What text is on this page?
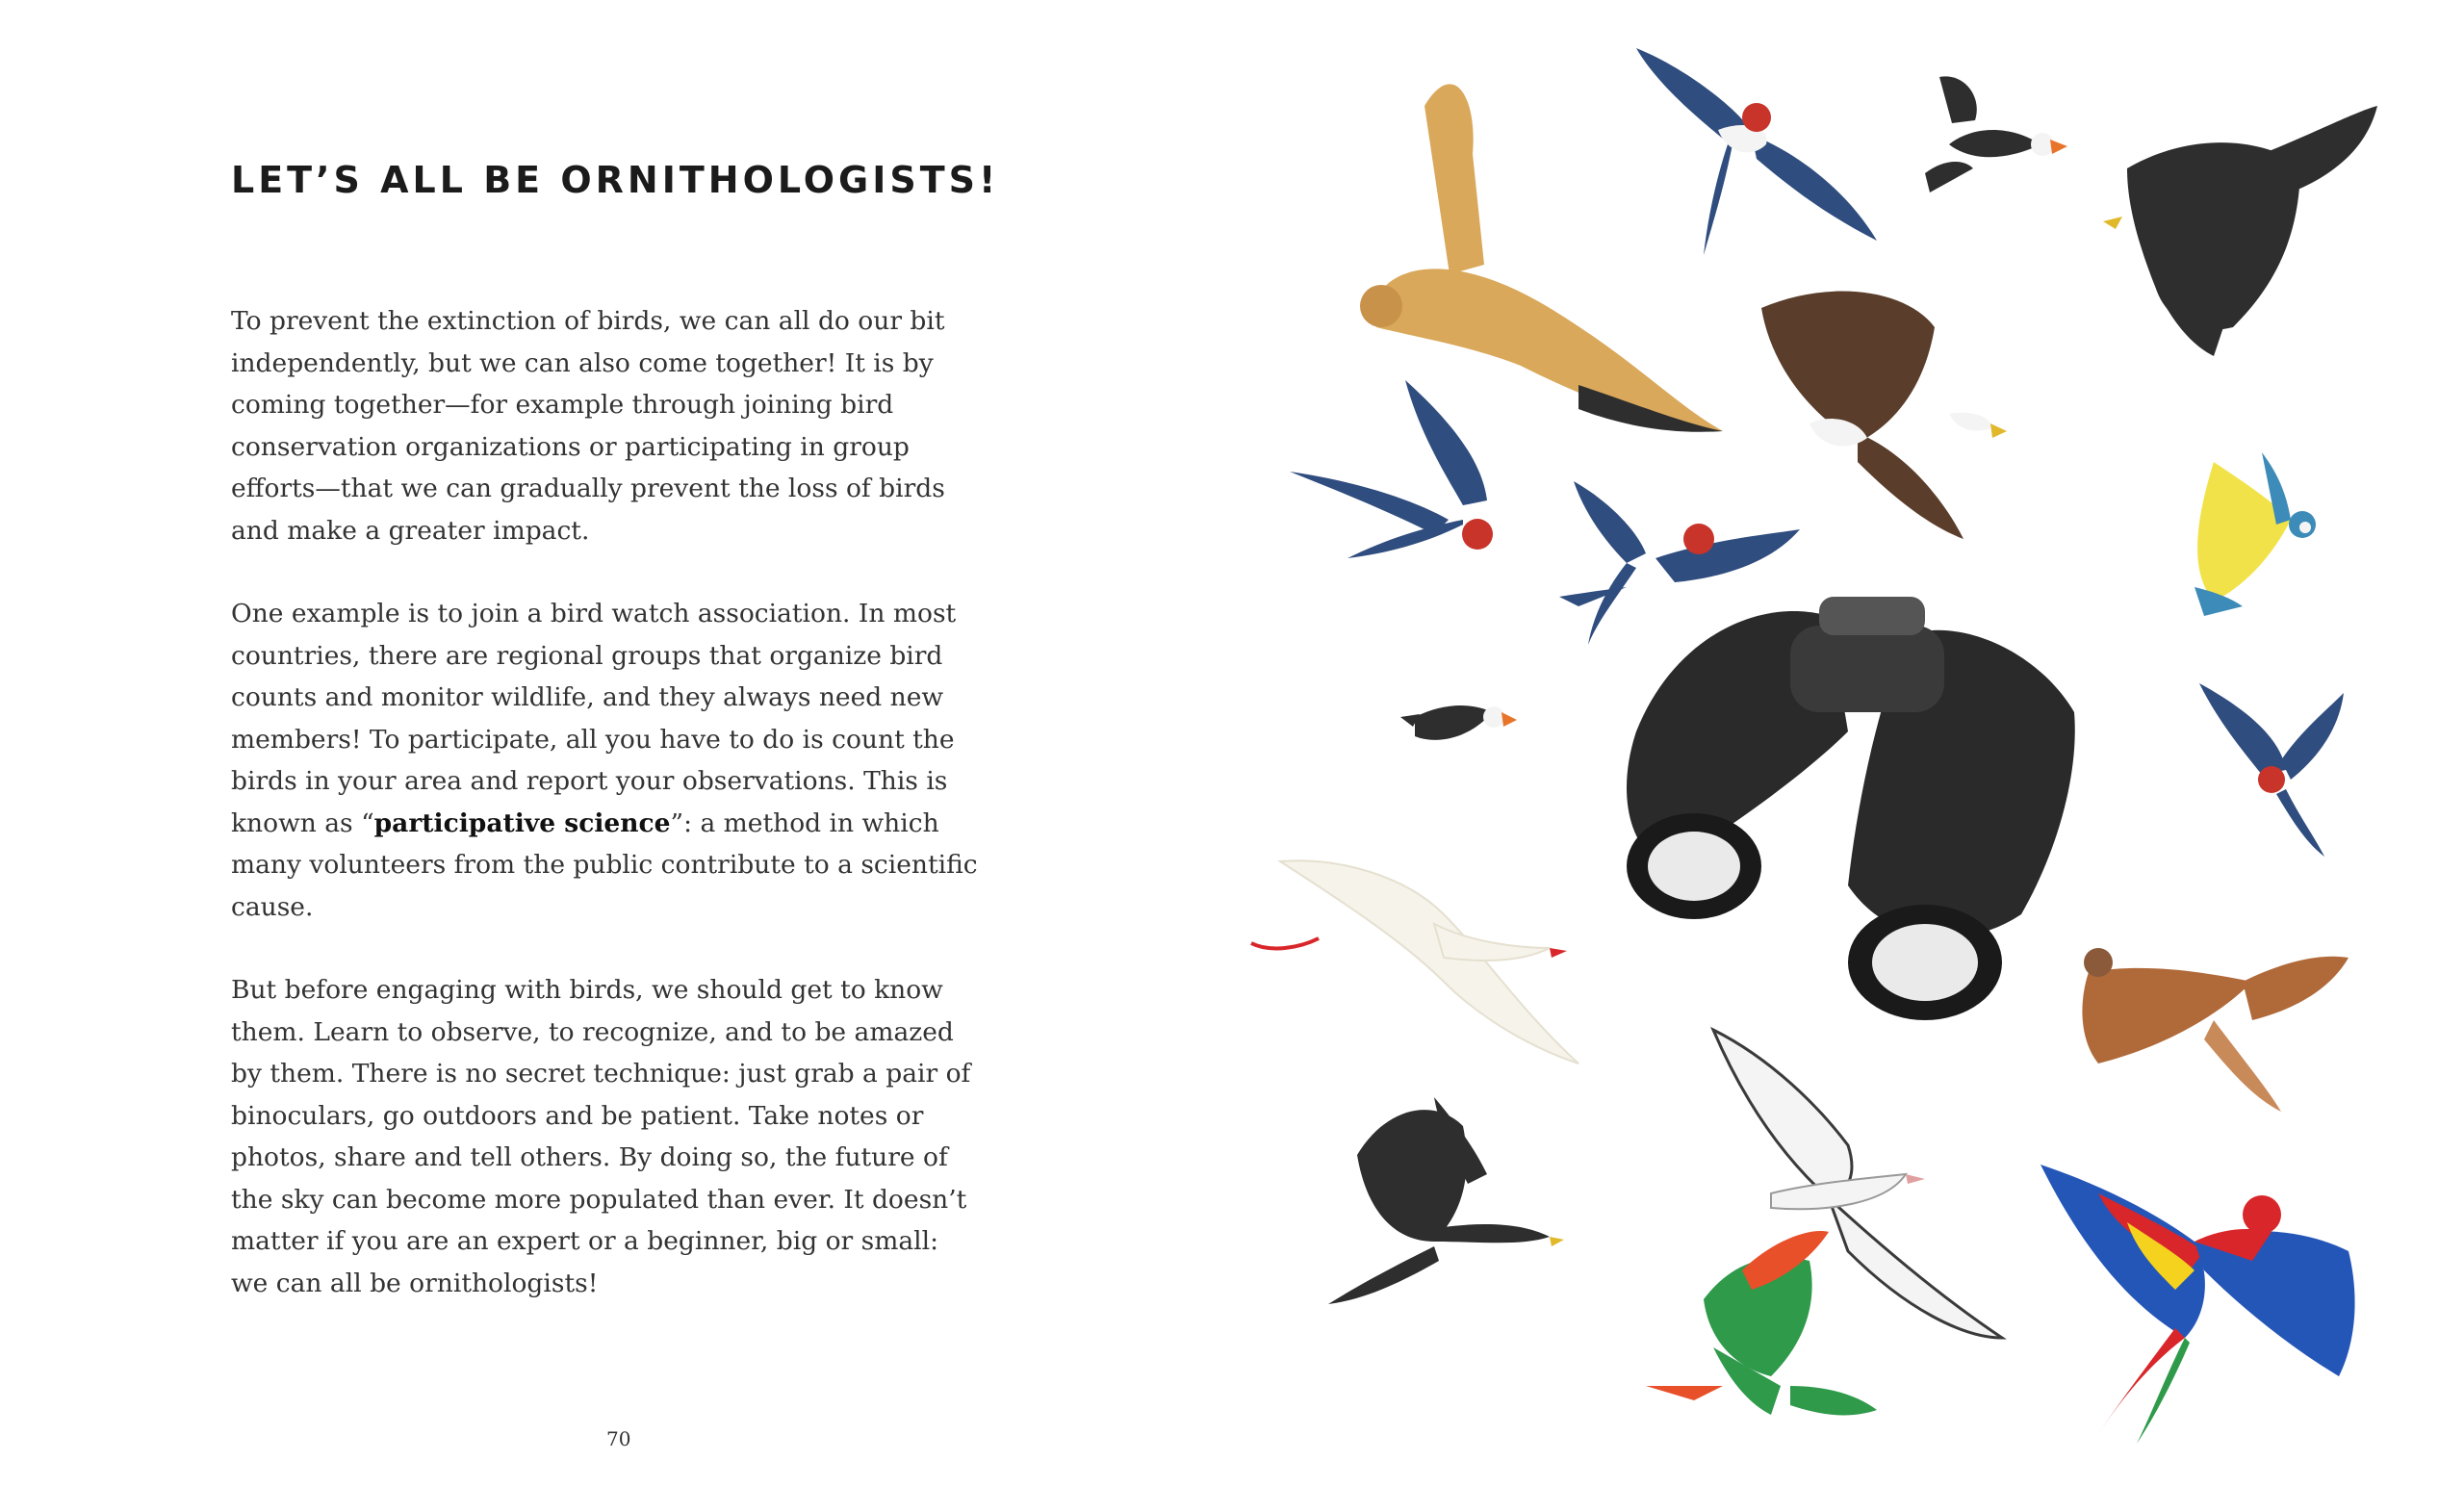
LET’S ALL BE ORNITHOLOGISTS!

To prevent the extinction of birds, we can all do our bit independently, but we can also come together! It is by coming together—for example through joining bird conservation organizations or participating in group efforts—that we can gradually prevent the loss of birds and make a greater impact.

One example is to join a bird watch association. In most countries, there are regional groups that organize bird counts and monitor wildlife, and they always need new members! To participate, all you have to do is count the birds in your area and report your observations. This is known as “participative science”: a method in which many volunteers from the public contribute to a scientific cause.

But before engaging with birds, we should get to know them. Learn to observe, to recognize, and to be amazed by them. There is no secret technique: just grab a pair of binoculars, go outdoors and be patient. Take notes or photos, share and tell others. By doing so, the future of the sky can become more populated than ever. It doesn’t matter if you are an expert or a beginner, big or small: we can all be ornithologists!

70
